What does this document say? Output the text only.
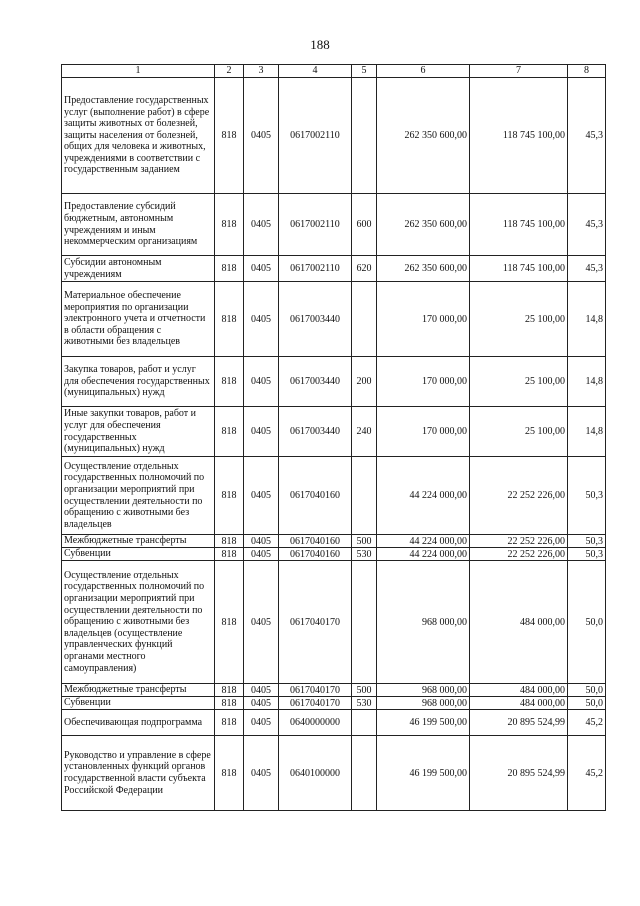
188
1	2	3	4	5	6	7	8
Предоставление государственных услуг (выполнение работ) в сфере защиты животных от болезней, защиты населения от болезней, общих для человека и животных, учреждениями в соответствии с государственным заданием	818	0405	0617002110		262 350 600,00	118 745 100,00	45,3
Предоставление субсидий бюджетным, автономным учреждениям и иным некоммерческим организациям	818	0405	0617002110	600	262 350 600,00	118 745 100,00	45,3
Субсидии автономным учреждениям	818	0405	0617002110	620	262 350 600,00	118 745 100,00	45,3
Материальное обеспечение мероприятия по организации электронного учета и отчетности в области обращения с животными без владельцев	818	0405	0617003440		170 000,00	25 100,00	14,8
Закупка товаров, работ и услуг для обеспечения государственных (муниципальных) нужд	818	0405	0617003440	200	170 000,00	25 100,00	14,8
Иные закупки товаров, работ и услуг для обеспечения государственных (муниципальных) нужд	818	0405	0617003440	240	170 000,00	25 100,00	14,8
Осуществление отдельных государственных полномочий по организации мероприятий при осуществлении деятельности по обращению с животными без владельцев	818	0405	0617040160		44 224 000,00	22 252 226,00	50,3
Межбюджетные трансферты	818	0405	0617040160	500	44 224 000,00	22 252 226,00	50,3
Субвенции	818	0405	0617040160	530	44 224 000,00	22 252 226,00	50,3
Осуществление отдельных государственных полномочий по организации мероприятий при осуществлении деятельности по обращению с животными без владельцев (осуществление управленческих функций органами местного самоуправления)	818	0405	0617040170		968 000,00	484 000,00	50,0
Межбюджетные трансферты	818	0405	0617040170	500	968 000,00	484 000,00	50,0
Субвенции	818	0405	0617040170	530	968 000,00	484 000,00	50,0
Обеспечивающая подпрограмма	818	0405	0640000000		46 199 500,00	20 895 524,99	45,2
Руководство и управление в сфере установленных функций органов государственной власти субъекта Российской Федерации	818	0405	0640100000		46 199 500,00	20 895 524,99	45,2
